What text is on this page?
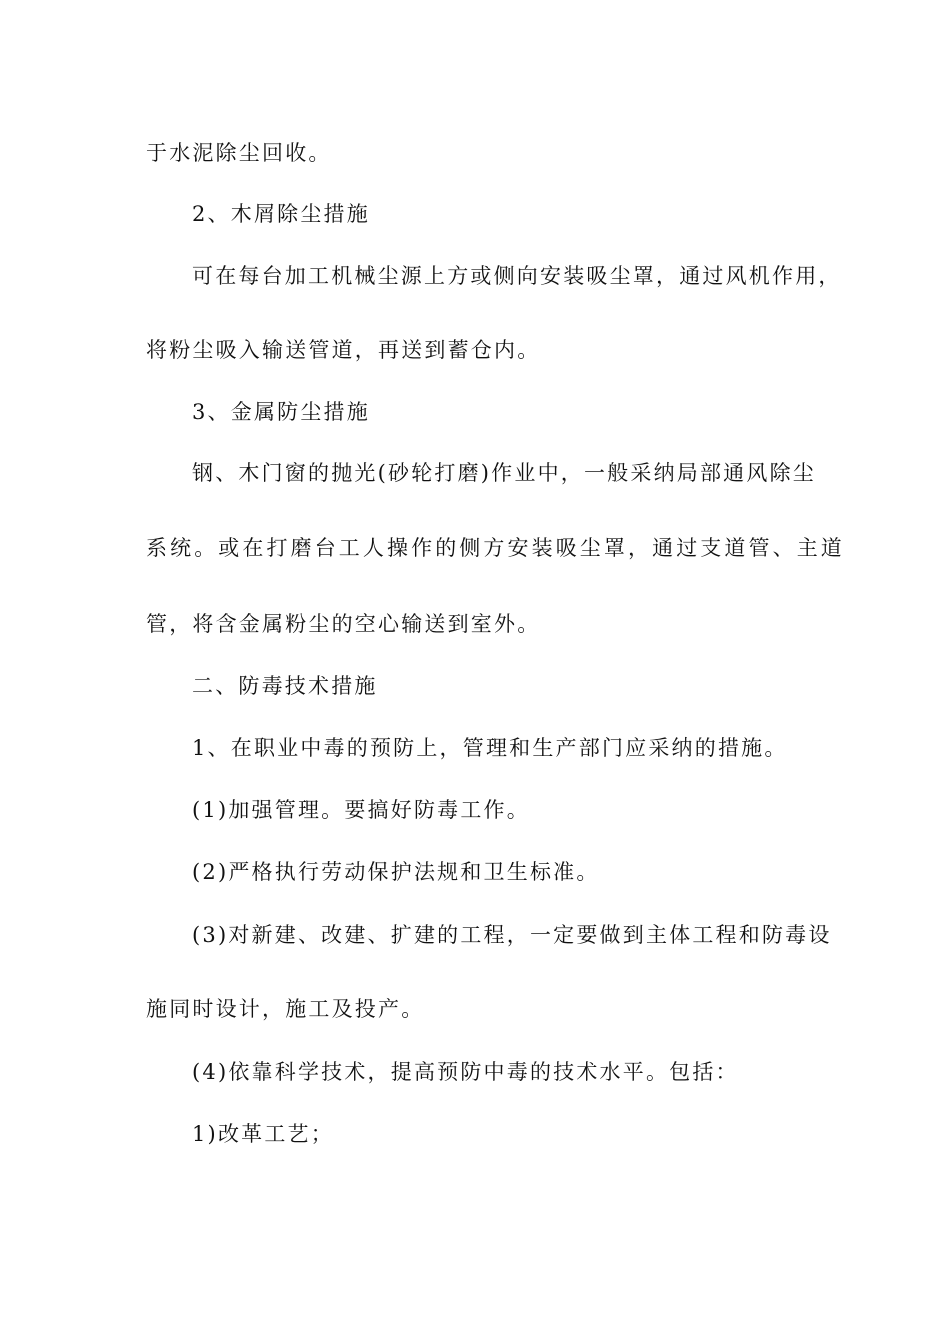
于水泥除尘回收。
2、木屑除尘措施
可在每台加工机械尘源上方或侧向安装吸尘罩，通过风机作用，
将粉尘吸入输送管道，再送到蓄仓内。
3、金属防尘措施
钢、木门窗的抛光(砂轮打磨)作业中，一般采纳局部通风除尘
系统。或在打磨台工人操作的侧方安装吸尘罩，通过支道管、主道
管，将含金属粉尘的空心输送到室外。
二、防毒技术措施
1、在职业中毒的预防上，管理和生产部门应采纳的措施。
(1)加强管理。要搞好防毒工作。
(2)严格执行劳动保护法规和卫生标准。
(3)对新建、改建、扩建的工程，一定要做到主体工程和防毒设
施同时设计，施工及投产。
(4)依靠科学技术，提高预防中毒的技术水平。包括：
1)改革工艺；
